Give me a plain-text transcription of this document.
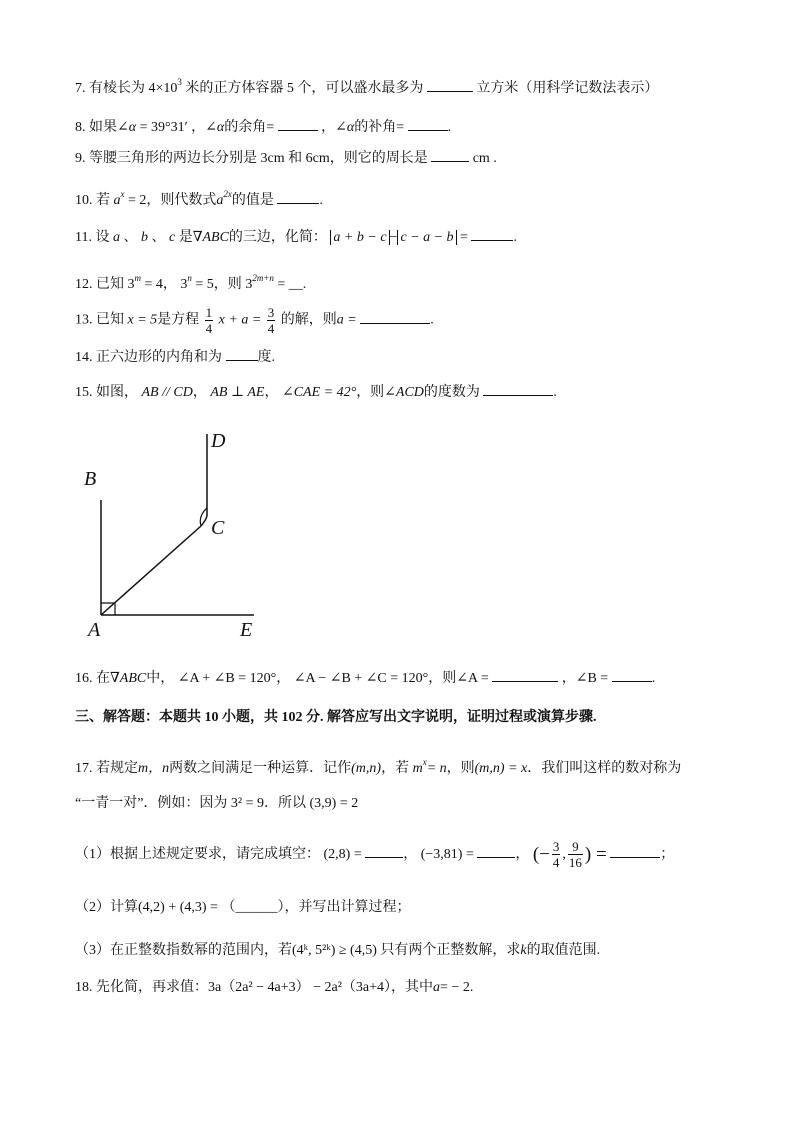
7. 有棱长为 $4\times 10^3$ 米的正方体容器 5 个，可以盛水最多为	立方米（用科学记数法表示）
8. 如果∠α = 39°31′ ，∠α的余角=	，∠α的补角=	.
9. 等腰三角形的两边长分别是 3cm 和 6cm，则它的周长是	cm .
10. 若 $a^x = 2$，则代数式$a^{2x}$的值是	.
11. 设 a 、 b 、 c 是∇ABC的三边，化简： a + b − c − c − a − b =	.
12. 已知 $3^m = 4$， $3^n = 5$，则 $3^{2m+n}$ = __.
13. 已知 x = 5是方程 $\frac{1}{4}$ $x + a = \frac{3}{4}$ 的解，则a =	.
14. 正六边形的内角和为	度.
15. 如图， AB // CD， AB ⊥ AE， ∠CAE = 42°，则∠ACD的度数为	.
B
D
C
A	E
16. 在∇ABC中， ∠A + ∠B = 120°， ∠A − ∠B + ∠C = 120°，则∠A =	，∠B =	.
三、解答题：本题共 10 小题，共 102 分. 解答应写出文字说明，证明过程或演算步骤.
17. 若规定m，n两数之间满足一种运算．记作(m,n)，若 $m^x= n$，则(m,n) = x．我们叫这样的数对称为
“一青一对”．例如：因为 3² = 9．所以 (3,9) = 2
（1）根据上述规定要求，请完成填空： (2,8) =	， (−3,81) =	， (− $\frac{3}{4}$ , $\frac{9}{16}$ ) =	；
（2）计算(4,2) + (4,3) = （______），并写出计算过程；
（3）在正整数指数幂的范围内，若(4ᵏ, 5²ᵏ) ≥ (4,5) 只有两个正整数解，求k的取值范围.
18. 先化简，再求值：3a（2a² − 4a+3） − 2a²（3a+4），其中a= − 2.
